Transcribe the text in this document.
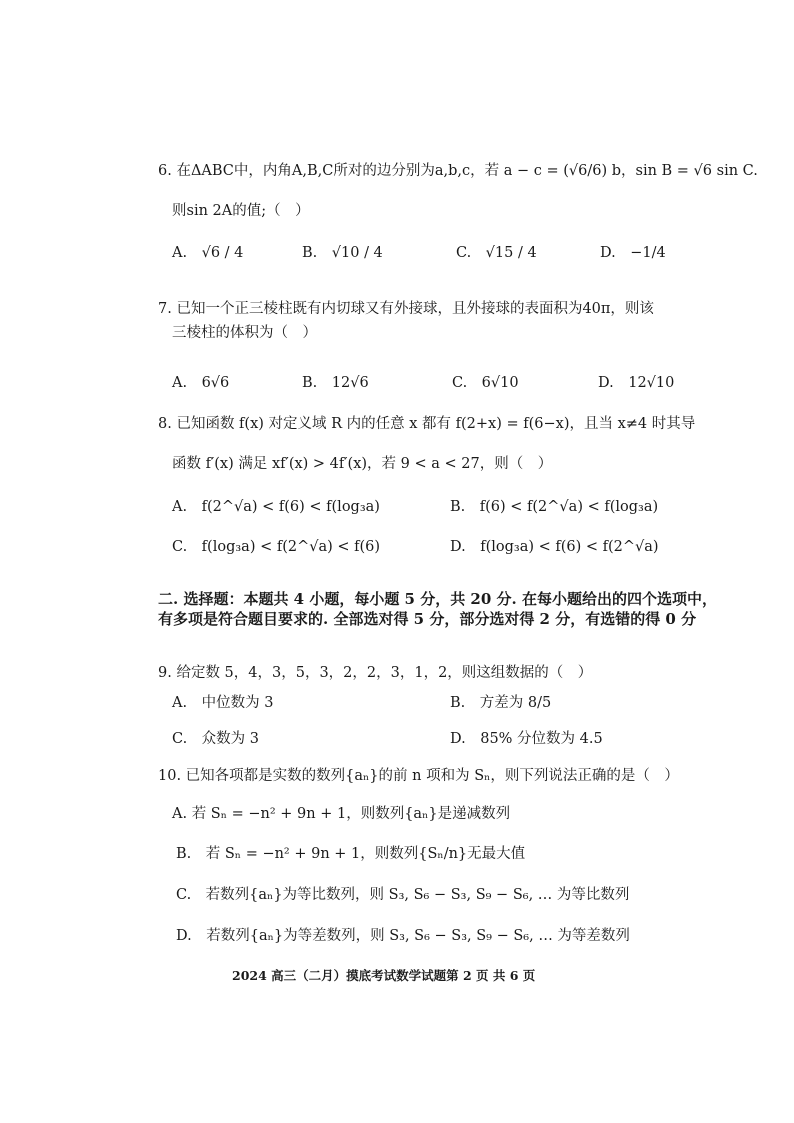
6. 在ΔABC中，内角A,B,C所对的边分别为a,b,c，若 a − c = (√6/6) b，sin B = √6 sin C.
则sin 2A的值;（　）
A.　√6 / 4	B.　√10 / 4	C.　√15 / 4	D.　−1/4
7. 已知一个正三棱柱既有内切球又有外接球，且外接球的表面积为40π，则该
三棱柱的体积为（　）
A.　6√6	B.　12√6	C.　6√10	D.　12√10
8. 已知函数 f(x) 对定义域 R 内的任意 x 都有 f(2+x) = f(6−x)，且当 x≠4 时其导
函数 f′(x) 满足 xf′(x) > 4f′(x)，若 9 < a < 27，则（　）
A.　f(2^√a) < f(6) < f(log₃a)	B.　f(6) < f(2^√a) < f(log₃a)
C.　f(log₃a) < f(2^√a) < f(6)	D.　f(log₃a) < f(6) < f(2^√a)
二. 选择题：本题共 4 小题，每小题 5 分，共 20 分. 在每小题给出的四个选项中，
有多项是符合题目要求的. 全部选对得 5 分，部分选对得 2 分，有选错的得 0 分
9. 给定数 5，4，3，5，3，2，2，3，1，2，则这组数据的（　）
A.　中位数为 3	B.　方差为 8/5
C.　众数为 3	D.　85% 分位数为 4.5
10. 已知各项都是实数的数列{aₙ}的前 n 项和为 Sₙ，则下列说法正确的是（　）
A. 若 Sₙ = −n² + 9n + 1，则数列{aₙ}是递减数列
B.　若 Sₙ = −n² + 9n + 1，则数列{Sₙ/n}无最大值
C.　若数列{aₙ}为等比数列，则 S₃, S₆ − S₃, S₉ − S₆, … 为等比数列
D.　若数列{aₙ}为等差数列，则 S₃, S₆ − S₃, S₉ − S₆, … 为等差数列
2024 高三（二月）摸底考试数学试题第 2 页 共 6 页
